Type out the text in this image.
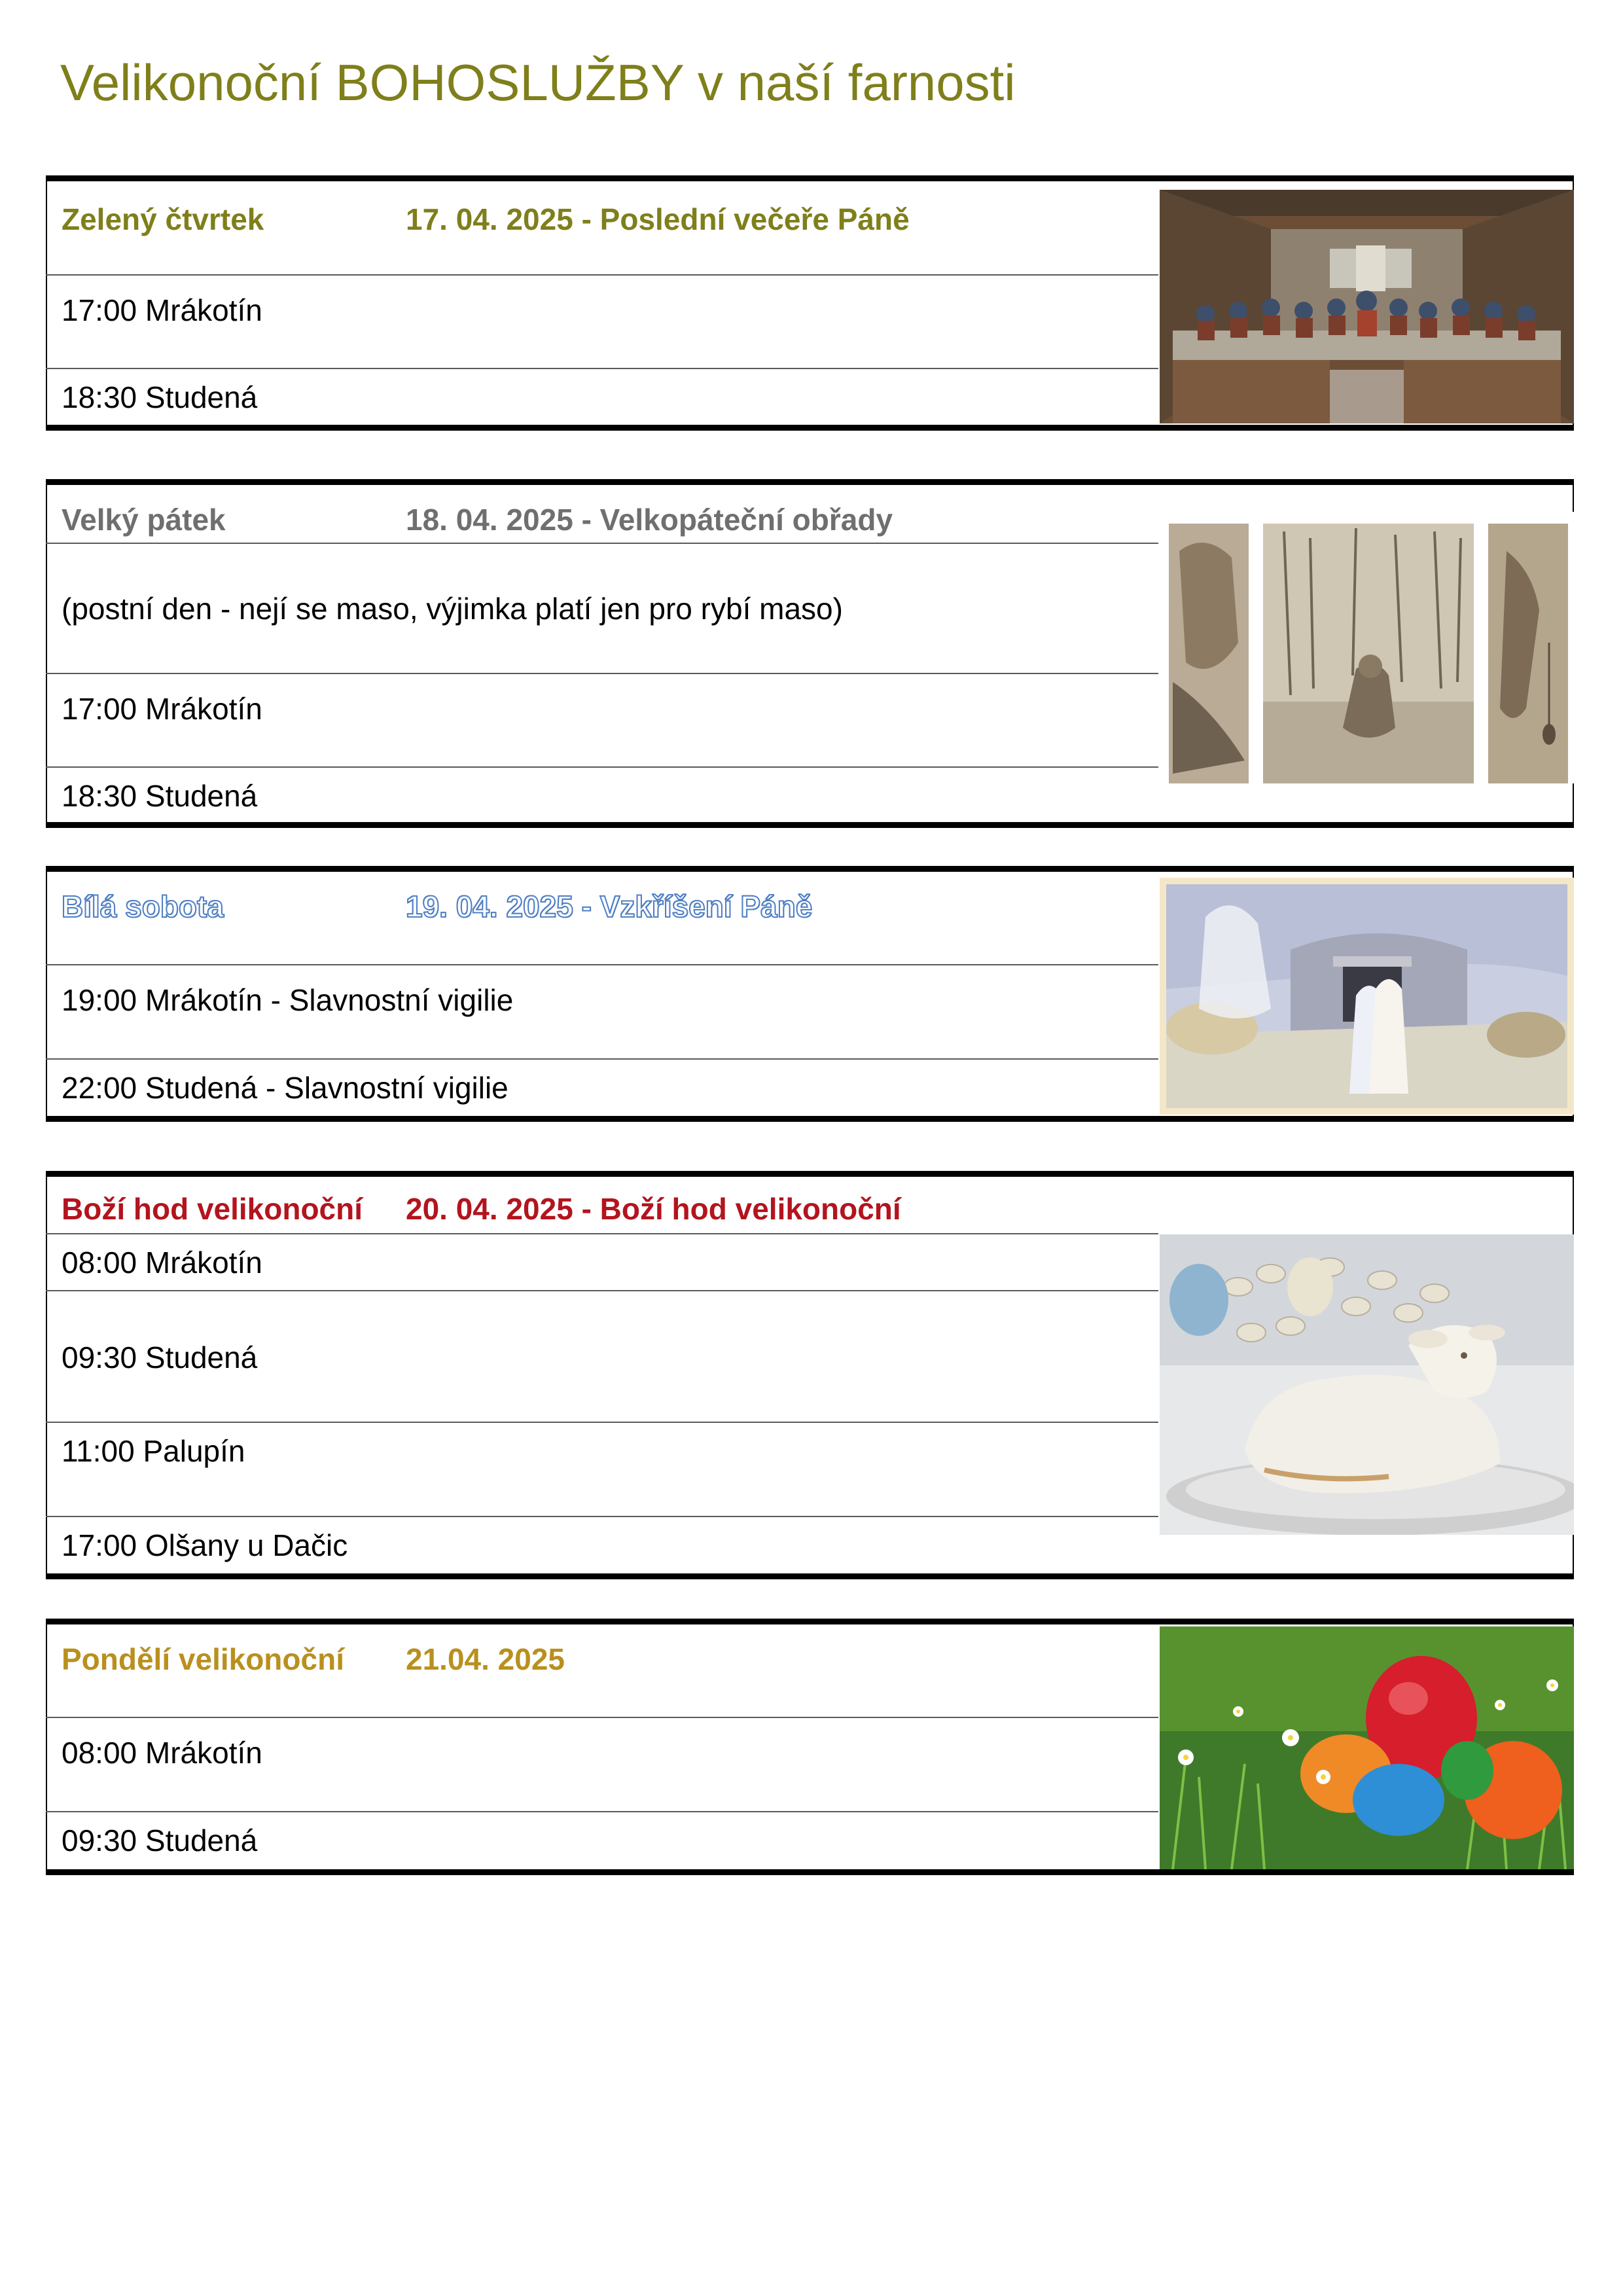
Velikonoční BOHOSLUŽBY v naší farnosti
Zelený čtvrtek	17. 04. 2025 - Poslední večeře Páně
17:00 Mrákotín
18:30 Studená
Velký pátek	18. 04. 2025 - Velkopáteční obřady
(postní den - nejí se maso, výjimka platí jen pro rybí maso)
17:00 Mrákotín
18:30 Studená
Bílá sobota	19. 04. 2025 - Vzkříšení Páně
19:00 Mrákotín - Slavnostní vigilie
22:00 Studená - Slavnostní vigilie
Boží hod velikonoční 20. 04. 2025 - Boží hod velikonoční
08:00 Mrákotín
09:30 Studená
11:00 Palupín
17:00 Olšany u Dačic
Pondělí velikonoční 21.04. 2025
08:00 Mrákotín
09:30 Studená
